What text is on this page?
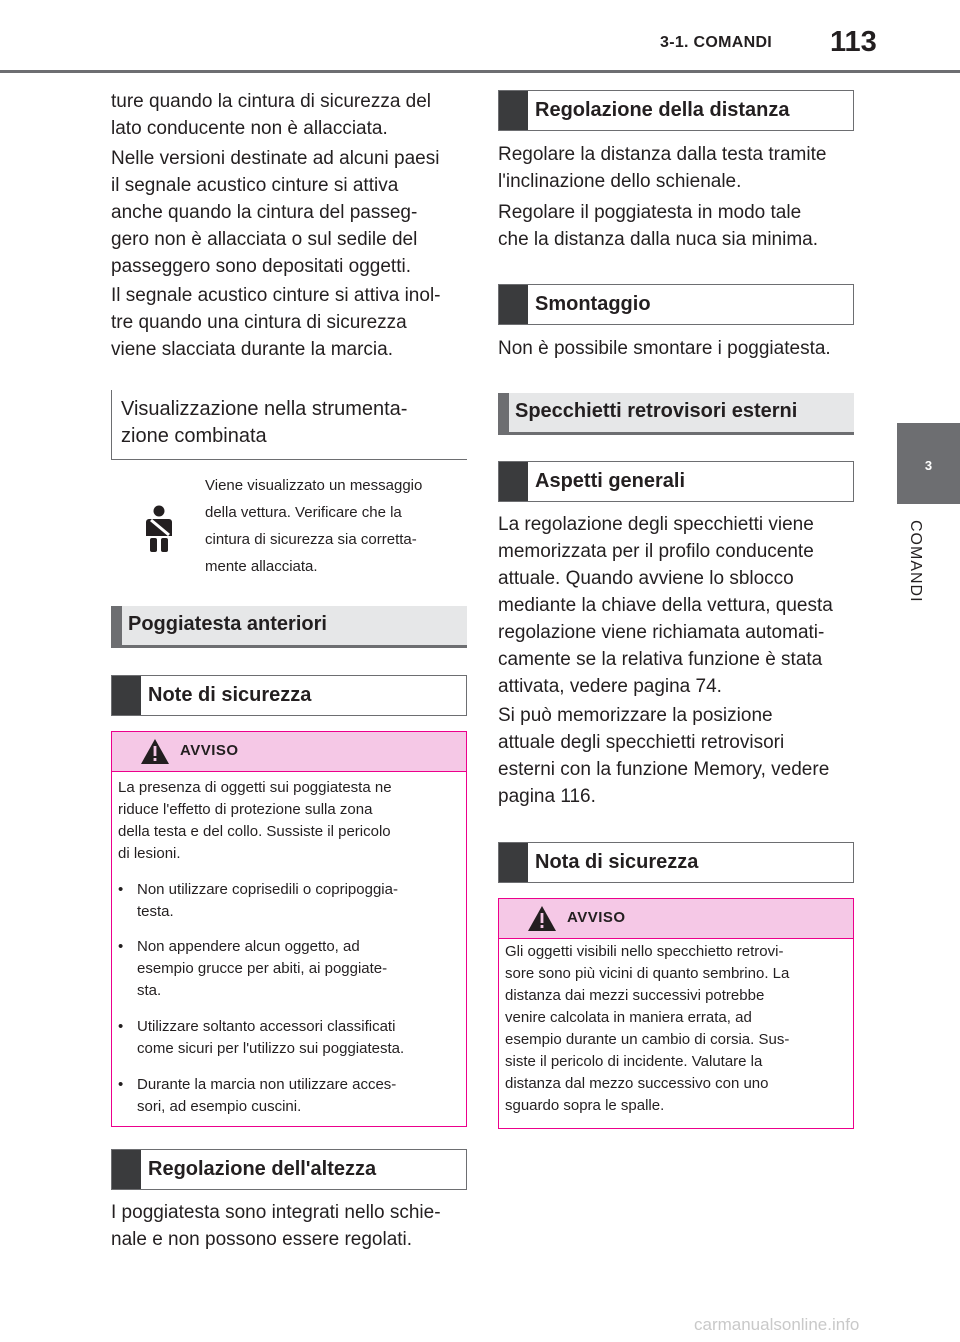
3-1. COMANDI 113
3
COMANDI
ture quando la cintura di sicurezza del
lato conducente non è allacciata.
Nelle versioni destinate ad alcuni paesi
il segnale acustico cinture si attiva
anche quando la cintura del passeg-
gero non è allacciata o sul sedile del
passeggero sono depositati oggetti.
Il segnale acustico cinture si attiva inol-
tre quando una cintura di sicurezza
viene slacciata durante la marcia.
Visualizzazione nella strumenta-
zione combinata
Viene visualizzato un messaggio
della vettura. Verificare che la
cintura di sicurezza sia corretta-
mente allacciata.
Poggiatesta anteriori
Note di sicurezza
AVVISO
La presenza di oggetti sui poggiatesta ne
riduce l'effetto di protezione sulla zona
della testa e del collo. Sussiste il pericolo
di lesioni.
• Non utilizzare coprisedili o copripoggia-
testa.
• Non appendere alcun oggetto, ad
esempio grucce per abiti, ai poggiate-
sta.
• Utilizzare soltanto accessori classificati
come sicuri per l'utilizzo sui poggiatesta.
• Durante la marcia non utilizzare acces-
sori, ad esempio cuscini.
Regolazione dell'altezza
I poggiatesta sono integrati nello schie-
nale e non possono essere regolati.
Regolazione della distanza
Regolare la distanza dalla testa tramite
l'inclinazione dello schienale.
Regolare il poggiatesta in modo tale
che la distanza dalla nuca sia minima.
Smontaggio
Non è possibile smontare i poggiatesta.
Specchietti retrovisori esterni
Aspetti generali
La regolazione degli specchietti viene
memorizzata per il profilo conducente
attuale. Quando avviene lo sblocco
mediante la chiave della vettura, questa
regolazione viene richiamata automati-
camente se la relativa funzione è stata
attivata, vedere pagina 74.
Si può memorizzare la posizione
attuale degli specchietti retrovisori
esterni con la funzione Memory, vedere
pagina 116.
Nota di sicurezza
AVVISO
Gli oggetti visibili nello specchietto retrovi-
sore sono più vicini di quanto sembrino. La
distanza dai mezzi successivi potrebbe
venire calcolata in maniera errata, ad
esempio durante un cambio di corsia. Sus-
siste il pericolo di incidente. Valutare la
distanza dal mezzo successivo con uno
sguardo sopra le spalle.
carmanualsonline.info
